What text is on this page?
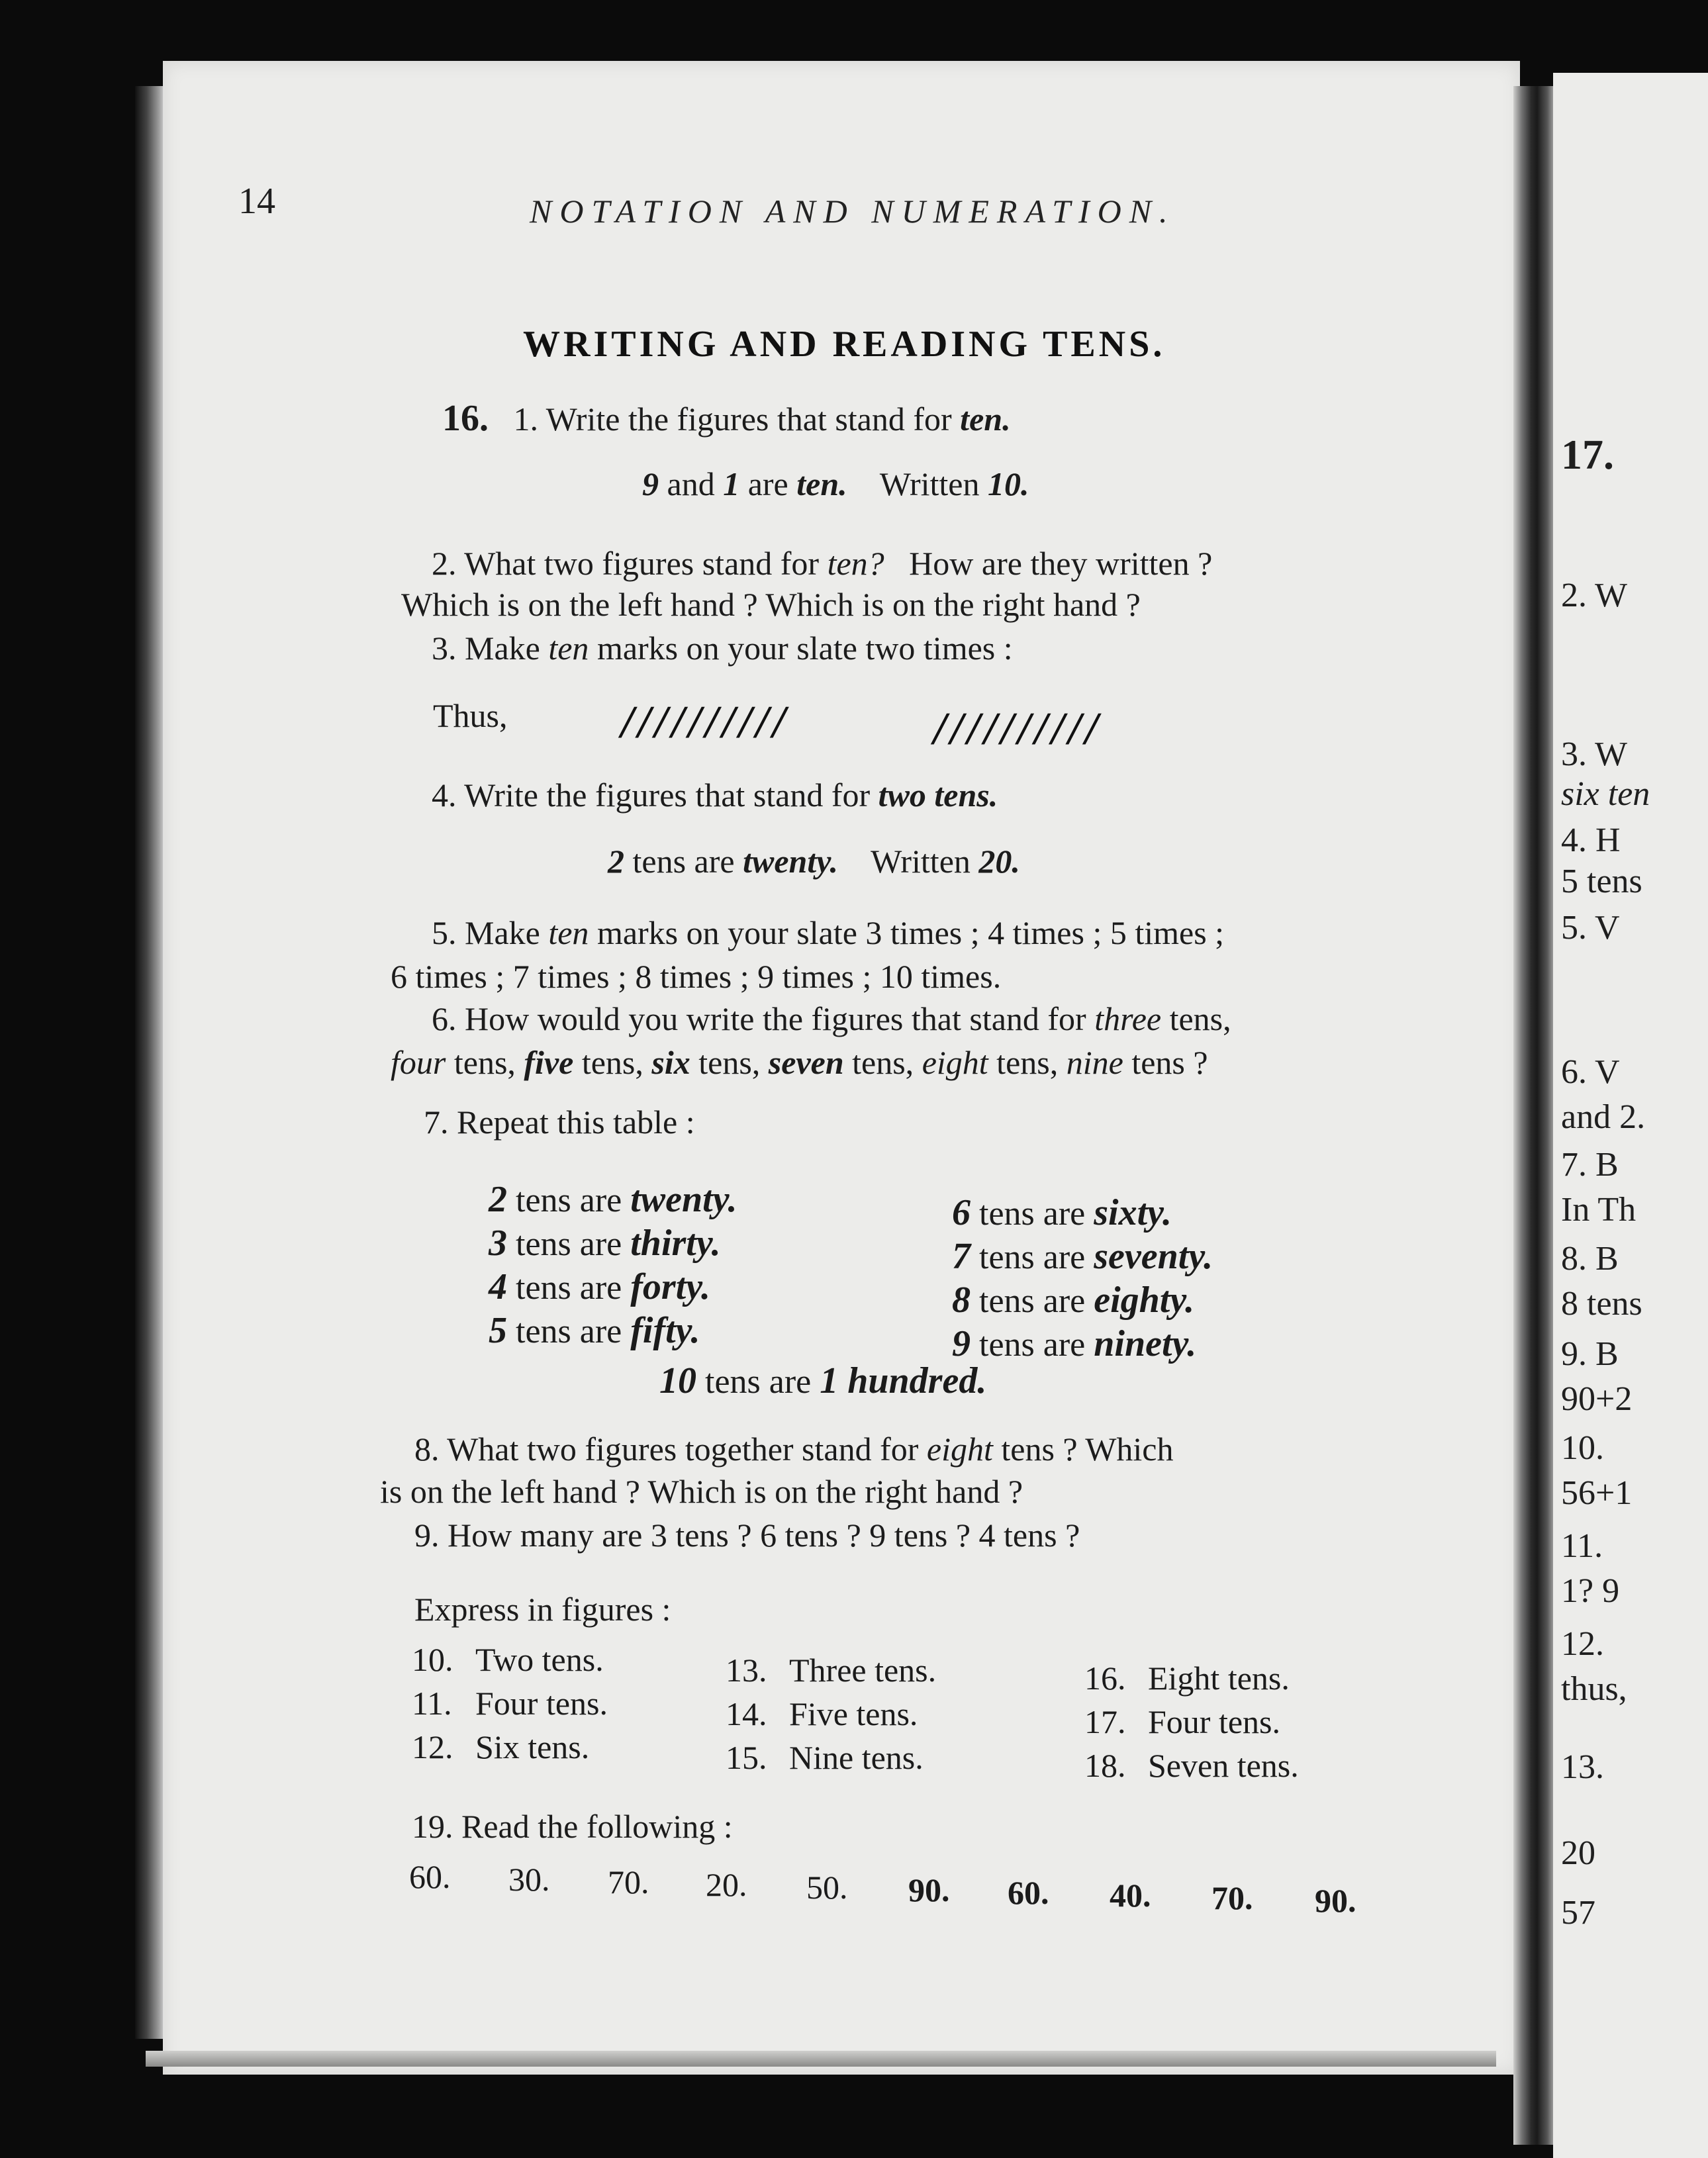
17.
2. W
3. W
six ten
4. H
5 tens
5. V
6. V
and 2.
7. B
In Th
8. B
8 tens
9. B
90+2
10.
56+1
11.
1? 9
12.
thus,
13.
20
57
14	NOTATION AND NUMERATION.
WRITING AND READING TENS.
16. 1. Write the figures that stand for ten.
9 and 1 are ten. Written 10.
2. What two figures stand for ten? How are they written ?
Which is on the left hand ? Which is on the right hand ?
3. Make ten marks on your slate two times :
Thus, //////////	//////////
4. Write the figures that stand for two tens.
2 tens are twenty. Written 20.
5. Make ten marks on your slate 3 times ; 4 times ; 5 times ;
6 times ; 7 times ; 8 times ; 9 times ; 10 times.
6. How would you write the figures that stand for three tens,
four tens, five tens, six tens, seven tens, eight tens, nine tens ?
7. Repeat this table :
2 tens are twenty.
3 tens are thirty.
4 tens are forty.
5 tens are fifty.
6 tens are sixty.
7 tens are seventy.
8 tens are eighty.
9 tens are ninety.
10 tens are 1 hundred.
8. What two figures together stand for eight tens ? Which
is on the left hand ? Which is on the right hand ?
9. How many are 3 tens ? 6 tens ? 9 tens ? 4 tens ?
Express in figures :
10. Two tens.
11. Four tens.
12. Six tens.
13. Three tens.
14. Five tens.
15. Nine tens.
16. Eight tens.
17. Four tens.
18. Seven tens.
19. Read the following :
60. 30. 70. 20. 50. 90. 60. 40. 70. 90.
